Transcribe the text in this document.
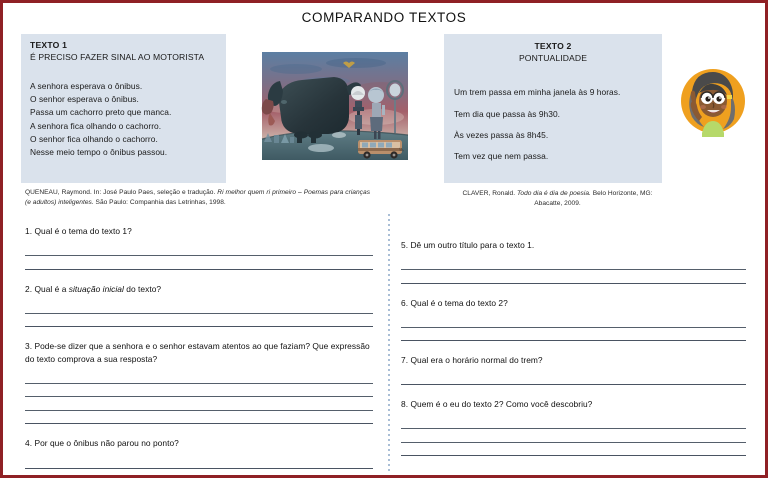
COMPARANDO TEXTOS
TEXTO 1
É PRECISO FAZER SINAL AO MOTORISTA
A senhora esperava o ônibus.
O senhor esperava o ônibus.
Passa um cachorro preto que manca.
A senhora fica olhando o cachorro.
O senhor fica olhando o cachorro.
Nesse meio tempo o ônibus passou.
QUENEAU, Raymond. In: José Paulo Paes, seleção e tradução. Ri melhor quem ri primeiro – Poemas para crianças (e adultos) inteligentes. São Paulo: Companhia das Letrinhas, 1998.
JF
TEXTO 2
PONTUALIDADE
Um trem passa em minha janela às 9 horas.
Tem dia que passa às 9h30.
Às vezes passa às 8h45.
Tem vez que nem passa.
CLAVER, Ronald. Todo dia é dia de poesia. Belo Horizonte, MG: Abacatte, 2009.
1. Qual é o tema do texto 1?
2. Qual é a situação inicial do texto?
3. Pode-se dizer que a senhora e o senhor estavam atentos ao que faziam? Que expressão do texto comprova a sua resposta?
4. Por que o ônibus não parou no ponto?
5. Dê um outro título para o texto 1.
6. Qual é o tema do texto 2?
7. Qual era o horário normal do trem?
8. Quem é o eu do texto 2? Como você descobriu?
